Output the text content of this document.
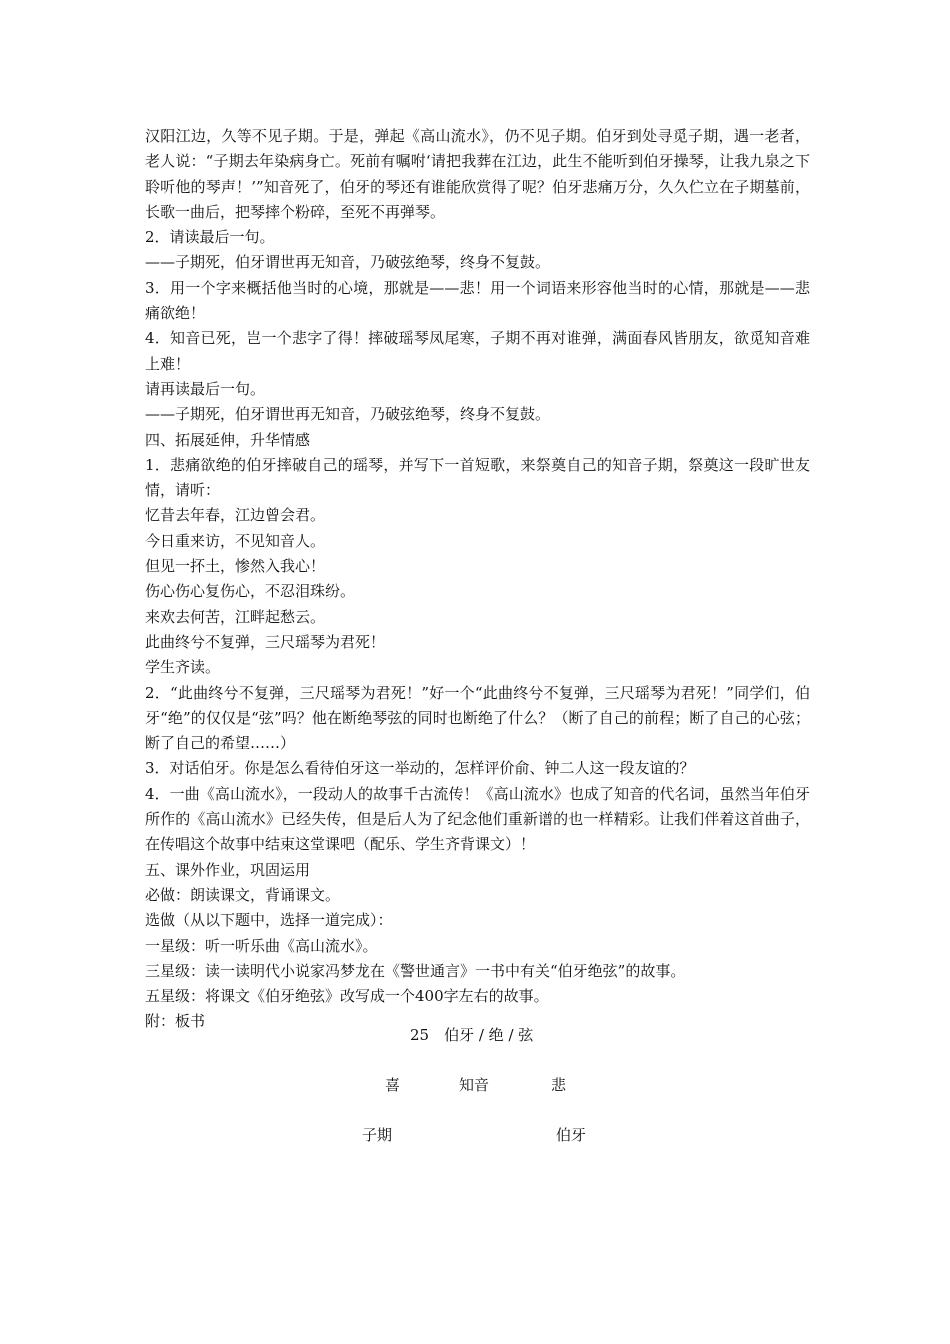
汉阳江边，久等不见子期。于是，弹起《高山流水》，仍不见子期。伯牙到处寻觅子期，遇一老者，老人说：“子期去年染病身亡。死前有嘱咐‘请把我葬在江边，此生不能听到伯牙操琴，让我九泉之下聆听他的琴声！’”知音死了，伯牙的琴还有谁能欣赏得了呢？伯牙悲痛万分，久久伫立在子期墓前，长歌一曲后，把琴摔个粉碎，至死不再弹琴。

2．请读最后一句。

——子期死，伯牙谓世再无知音，乃破弦绝琴，终身不复鼓。

3．用一个字来概括他当时的心境，那就是——悲！用一个词语来形容他当时的心情，那就是——悲痛欲绝！

4．知音已死，岂一个悲字了得！摔破瑶琴凤尾寒，子期不再对谁弹，满面春风皆朋友，欲觅知音难上难！

请再读最后一句。

——子期死，伯牙谓世再无知音，乃破弦绝琴，终身不复鼓。

四、拓展延伸，升华情感

1．悲痛欲绝的伯牙摔破自己的瑶琴，并写下一首短歌，来祭奠自己的知音子期，祭奠这一段旷世友情，请听：

忆昔去年春，江边曾会君。

今日重来访，不见知音人。

但见一抔土，惨然入我心！

伤心伤心复伤心，不忍泪珠纷。

来欢去何苦，江畔起愁云。

此曲终兮不复弹，三尺瑶琴为君死！

学生齐读。

2．“此曲终兮不复弹，三尺瑶琴为君死！”好一个“此曲终兮不复弹，三尺瑶琴为君死！”同学们，伯牙“绝”的仅仅是“弦”吗？他在断绝琴弦的同时也断绝了什么？（断了自己的前程；断了自己的心弦；断了自己的希望……）

3．对话伯牙。你是怎么看待伯牙这一举动的，怎样评价俞、钟二人这一段友谊的？

4．一曲《高山流水》，一段动人的故事千古流传！《高山流水》也成了知音的代名词，虽然当年伯牙所作的《高山流水》已经失传，但是后人为了纪念他们重新谱的也一样精彩。让我们伴着这首曲子，在传唱这个故事中结束这堂课吧（配乐、学生齐背课文）！

五、课外作业，巩固运用

必做：朗读课文，背诵课文。

选做（从以下题中，选择一道完成）：

一星级：听一听乐曲《高山流水》。

三星级：读一读明代小说家冯梦龙在《警世通言》一书中有关“伯牙绝弦”的故事。

五星级：将课文《伯牙绝弦》改写成一个400字左右的故事。

附：板书

25　伯牙 / 绝 / 弦
喜	知音	悲
子期	伯牙
